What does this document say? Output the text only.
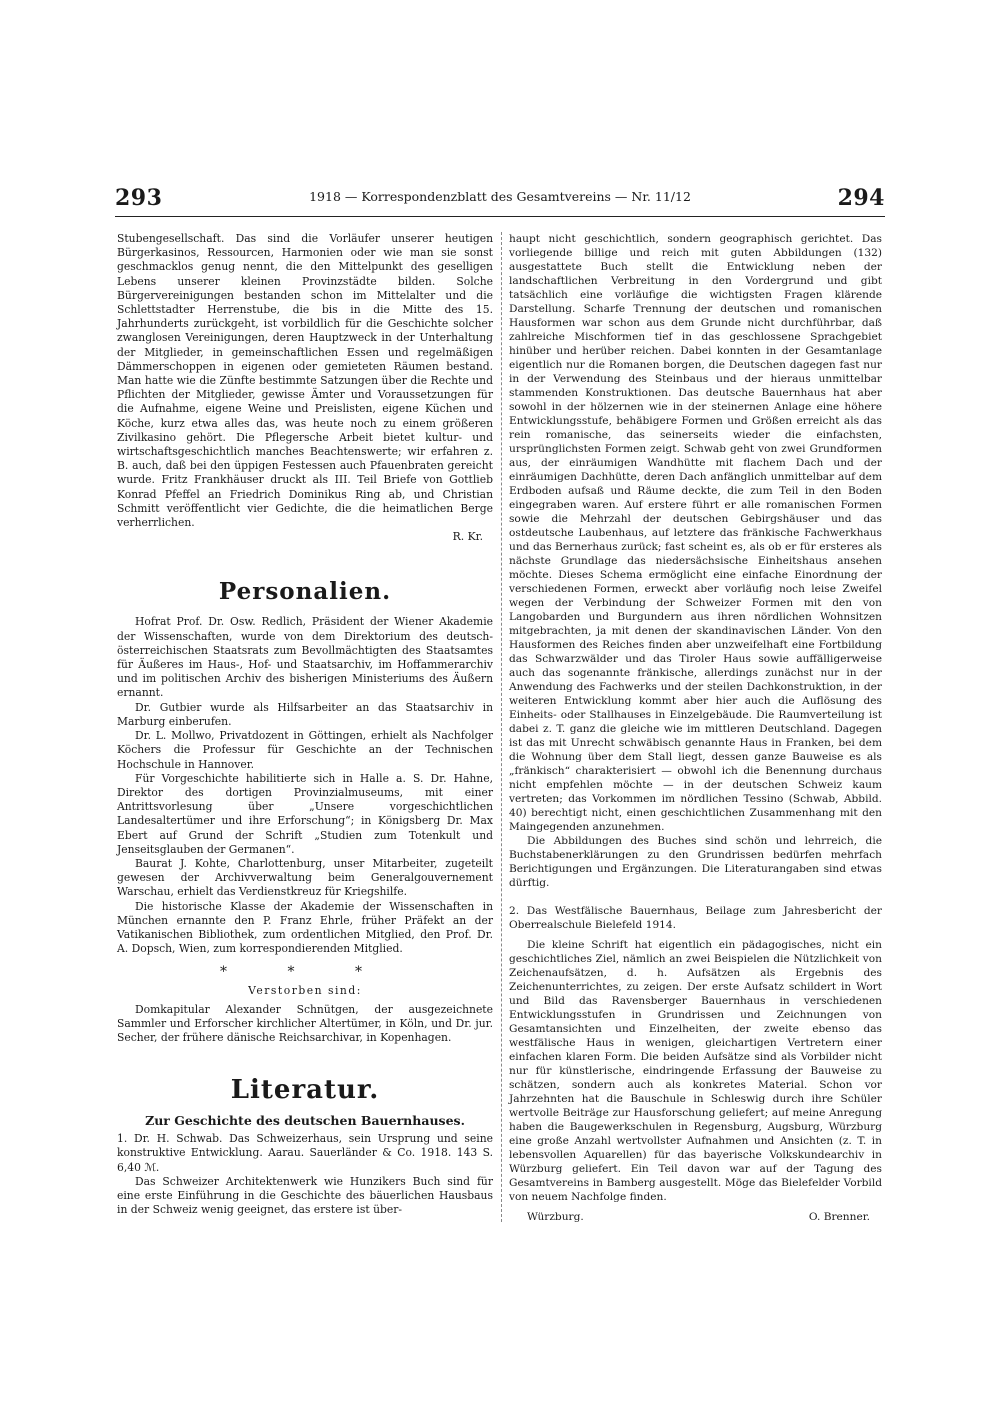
293	1918 — Korrespondenzblatt des Gesamtvereins — Nr. 11/12	294

Stubengesellschaft. Das sind die Vorläufer unserer heutigen Bürgerkasinos, Ressourcen, Harmonien oder wie man sie sonst geschmacklos genug nennt, die den Mittelpunkt des geselligen Lebens unserer kleinen Provinzstädte bilden. Solche Bürgervereinigungen bestanden schon im Mittelalter und die Schlettstadter Herrenstube, die bis in die Mitte des 15. Jahrhunderts zurückgeht, ist vorbildlich für die Geschichte solcher zwanglosen Vereinigungen, deren Hauptzweck in der Unterhaltung der Mitglieder, in gemeinschaftlichen Essen und regelmäßigen Dämmerschoppen in eigenen oder gemieteten Räumen bestand. Man hatte wie die Zünfte bestimmte Satzungen über die Rechte und Pflichten der Mitglieder, gewisse Ämter und Voraussetzungen für die Aufnahme, eigene Weine und Preislisten, eigene Küchen und Köche, kurz etwa alles das, was heute noch zu einem größeren Zivilkasino gehört. Die Pflegersche Arbeit bietet kultur- und wirtschaftsgeschichtlich manches Beachtenswerte; wir erfahren z. B. auch, daß bei den üppigen Festessen auch Pfauenbraten gereicht wurde. Fritz Frankhäuser druckt als III. Teil Briefe von Gottlieb Konrad Pfeffel an Friedrich Dominikus Ring ab, und Christian Schmitt veröffentlicht vier Gedichte, die die heimatlichen Berge verherrlichen.

R. Kr.

Personalien.

Hofrat Prof. Dr. Osw. Redlich, Präsident der Wiener Akademie der Wissenschaften, wurde von dem Direktorium des deutsch-österreichischen Staatsrats zum Bevollmächtigten des Staatsamtes für Äußeres im Haus-, Hof- und Staatsarchiv, im Hoffammerarchiv und im politischen Archiv des bisherigen Ministeriums des Äußern ernannt.

Dr. Gutbier wurde als Hilfsarbeiter an das Staatsarchiv in Marburg einberufen.

Dr. L. Mollwo, Privatdozent in Göttingen, erhielt als Nachfolger Köchers die Professur für Geschichte an der Technischen Hochschule in Hannover.

Für Vorgeschichte habilitierte sich in Halle a. S. Dr. Hahne, Direktor des dortigen Provinzialmuseums, mit einer Antrittsvorlesung über „Unsere vorgeschichtlichen Landesaltertümer und ihre Erforschung“; in Königsberg Dr. Max Ebert auf Grund der Schrift „Studien zum Totenkult und Jenseitsglauben der Germanen“.

Baurat J. Kohte, Charlottenburg, unser Mitarbeiter, zugeteilt gewesen der Archivverwaltung beim Generalgouvernement Warschau, erhielt das Verdienstkreuz für Kriegshilfe.

Die historische Klasse der Akademie der Wissenschaften in München ernannte den P. Franz Ehrle, früher Präfekt an der Vatikanischen Bibliothek, zum ordentlichen Mitglied, den Prof. Dr. A. Dopsch, Wien, zum korrespondierenden Mitglied.

* * *
Verstorben sind:

Domkapitular Alexander Schnütgen, der ausgezeichnete Sammler und Erforscher kirchlicher Altertümer, in Köln, und Dr. jur. Secher, der frühere dänische Reichsarchivar, in Kopenhagen.

Literatur.
Zur Geschichte des deutschen Bauernhauses.

1. Dr. H. Schwab. Das Schweizerhaus, sein Ursprung und seine konstruktive Entwicklung. Aarau. Sauerländer & Co. 1918. 143 S. 6,40 ℳ.

Das Schweizer Architektenwerk wie Hunzikers Buch sind für eine erste Einführung in die Geschichte des bäuerlichen Hausbaus in der Schweiz wenig geeignet, das erstere ist über-

haupt nicht geschichtlich, sondern geographisch gerichtet. Das vorliegende billige und reich mit guten Abbildungen (132) ausgestattete Buch stellt die Entwicklung neben der landschaftlichen Verbreitung in den Vordergrund und gibt tatsächlich eine vorläufige die wichtigsten Fragen klärende Darstellung. Scharfe Trennung der deutschen und romanischen Hausformen war schon aus dem Grunde nicht durchführbar, daß zahlreiche Mischformen tief in das geschlossene Sprachgebiet hinüber und herüber reichen. Dabei konnten in der Gesamtanlage eigentlich nur die Romanen borgen, die Deutschen dagegen fast nur in der Verwendung des Steinbaus und der hieraus unmittelbar stammenden Konstruktionen. Das deutsche Bauernhaus hat aber sowohl in der hölzernen wie in der steinernen Anlage eine höhere Entwicklungsstufe, behäbigere Formen und Größen erreicht als das rein romanische, das seinerseits wieder die einfachsten, ursprünglichsten Formen zeigt. Schwab geht von zwei Grundformen aus, der einräumigen Wandhütte mit flachem Dach und der einräumigen Dachhütte, deren Dach anfänglich unmittelbar auf dem Erdboden aufsaß und Räume deckte, die zum Teil in den Boden eingegraben waren. Auf erstere führt er alle romanischen Formen sowie die Mehrzahl der deutschen Gebirgshäuser und das ostdeutsche Laubenhaus, auf letztere das fränkische Fachwerkhaus und das Bernerhaus zurück; fast scheint es, als ob er für ersteres als nächste Grundlage das niedersächsische Einheitshaus ansehen möchte. Dieses Schema ermöglicht eine einfache Einordnung der verschiedenen Formen, erweckt aber vorläufig noch leise Zweifel wegen der Verbindung der Schweizer Formen mit den von Langobarden und Burgundern aus ihren nördlichen Wohnsitzen mitgebrachten, ja mit denen der skandinavischen Länder. Von den Hausformen des Reiches finden aber unzweifelhaft eine Fortbildung das Schwarzwälder und das Tiroler Haus sowie auffälligerweise auch das sogenannte fränkische, allerdings zunächst nur in der Anwendung des Fachwerks und der steilen Dachkonstruktion, in der weiteren Entwicklung kommt aber hier auch die Auflösung des Einheits- oder Stallhauses in Einzelgebäude. Die Raumverteilung ist dabei z. T. ganz die gleiche wie im mittleren Deutschland. Dagegen ist das mit Unrecht schwäbisch genannte Haus in Franken, bei dem die Wohnung über dem Stall liegt, dessen ganze Bauweise es als „fränkisch“ charakterisiert — obwohl ich die Benennung durchaus nicht empfehlen möchte — in der deutschen Schweiz kaum vertreten; das Vorkommen im nördlichen Tessino (Schwab, Abbild. 40) berechtigt nicht, einen geschichtlichen Zusammenhang mit den Maingegenden anzunehmen.

Die Abbildungen des Buches sind schön und lehrreich, die Buchstabenerklärungen zu den Grundrissen bedürfen mehrfach Berichtigungen und Ergänzungen. Die Literaturangaben sind etwas dürftig.

2. Das Westfälische Bauernhaus, Beilage zum Jahresbericht der Oberrealschule Bielefeld 1914.

Die kleine Schrift hat eigentlich ein pädagogisches, nicht ein geschichtliches Ziel, nämlich an zwei Beispielen die Nützlichkeit von Zeichenaufsätzen, d. h. Aufsätzen als Ergebnis des Zeichenunterrichtes, zu zeigen. Der erste Aufsatz schildert in Wort und Bild das Ravensberger Bauernhaus in verschiedenen Entwicklungsstufen in Grundrissen und Zeichnungen von Gesamtansichten und Einzelheiten, der zweite ebenso das westfälische Haus in wenigen, gleichartigen Vertretern einer einfachen klaren Form. Die beiden Aufsätze sind als Vorbilder nicht nur für künstlerische, eindringende Erfassung der Bauweise zu schätzen, sondern auch als konkretes Material. Schon vor Jahrzehnten hat die Bauschule in Schleswig durch ihre Schüler wertvolle Beiträge zur Hausforschung geliefert; auf meine Anregung haben die Baugewerkschulen in Regensburg, Augsburg, Würzburg eine große Anzahl wertvollster Aufnahmen und Ansichten (z. T. in lebensvollen Aquarellen) für das bayerische Volkskundearchiv in Würzburg geliefert. Ein Teil davon war auf der Tagung des Gesamtvereins in Bamberg ausgestellt. Möge das Bielefelder Vorbild von neuem Nachfolge finden.

Würzburg.	O. Brenner.
